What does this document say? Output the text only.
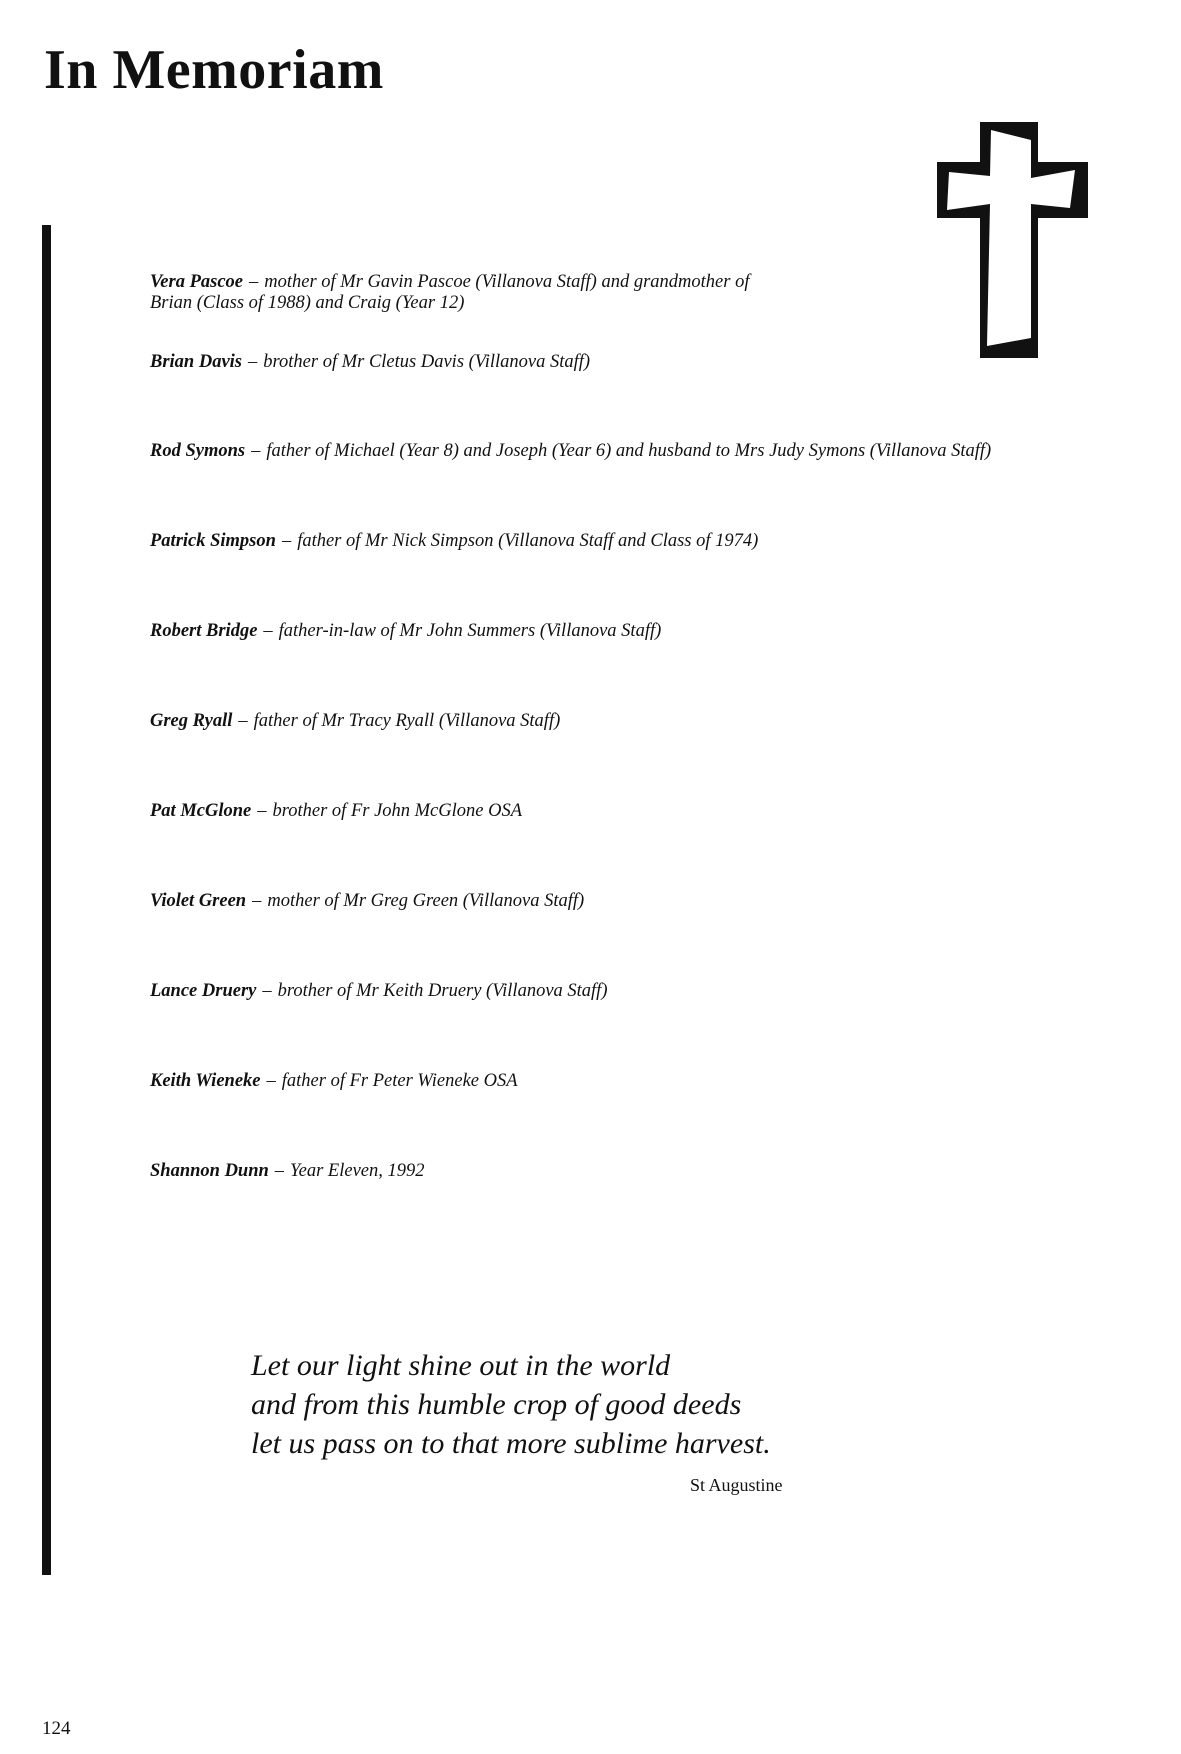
In Memoriam
Vera Pascoe – mother of Mr Gavin Pascoe (Villanova Staff) and grandmother of
Brian (Class of 1988) and Craig (Year 12)
Brian Davis – brother of Mr Cletus Davis (Villanova Staff)
Rod Symons – father of Michael (Year 8) and Joseph (Year 6) and husband to Mrs Judy Symons (Villanova Staff)
Patrick Simpson – father of Mr Nick Simpson (Villanova Staff and Class of 1974)
Robert Bridge – father-in-law of Mr John Summers (Villanova Staff)
Greg Ryall – father of Mr Tracy Ryall (Villanova Staff)
Pat McGlone – brother of Fr John McGlone OSA
Violet Green – mother of Mr Greg Green (Villanova Staff)
Lance Druery – brother of Mr Keith Druery (Villanova Staff)
Keith Wieneke – father of Fr Peter Wieneke OSA
Shannon Dunn – Year Eleven, 1992
Let our light shine out in the world
and from this humble crop of good deeds
let us pass on to that more sublime harvest.
St Augustine
124
